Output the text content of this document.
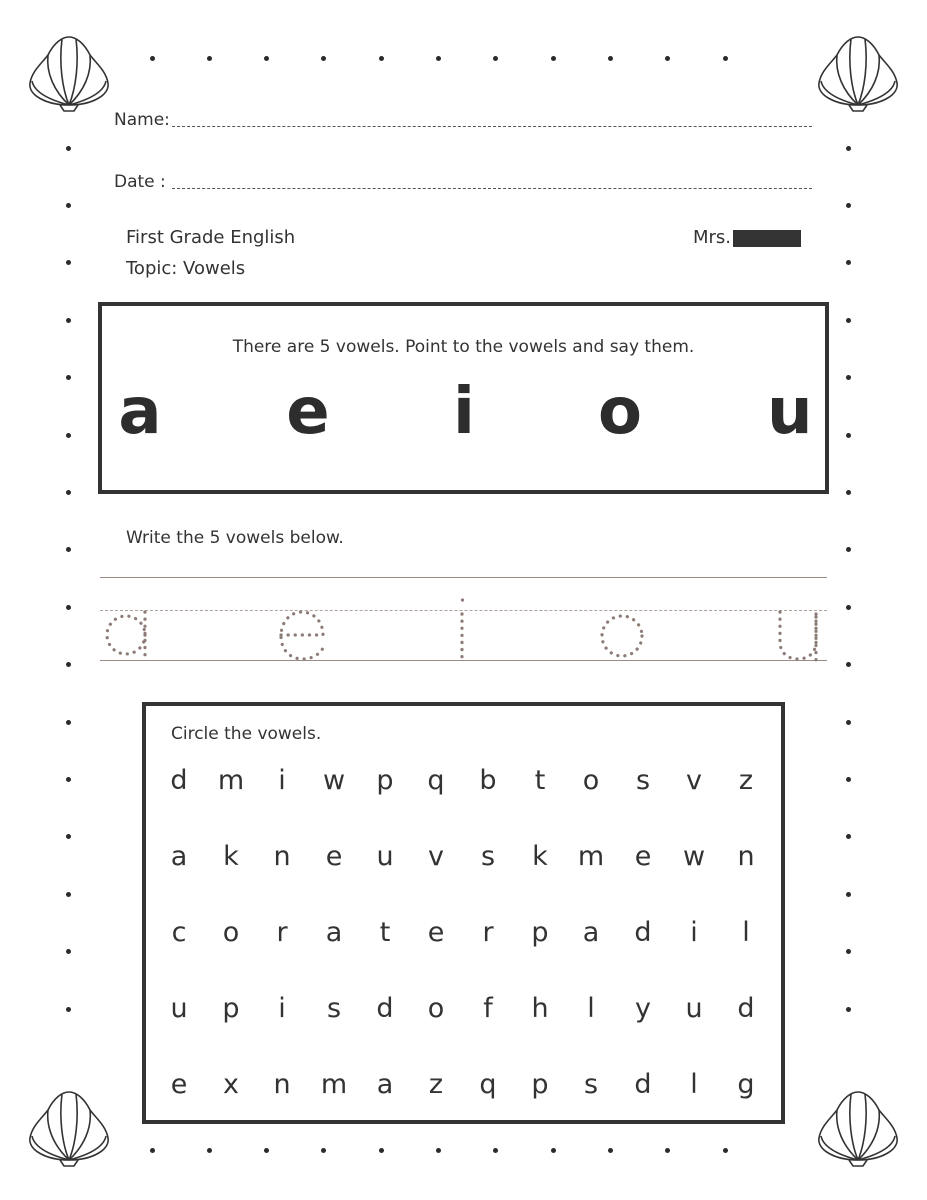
Name:
Date :
First Grade English
Topic: Vowels
Mrs.
There are 5 vowels. Point to the vowels and say them.
a e i o u
Write the 5 vowels below.
Circle the vowels.
d	m	i	w	p	q	b	t	o	s	v	z
a	k	n	e	u	v	s	k	m	e	w	n
c	o	r	a	t	e	r	p	a	d	i	l
u	p	i	s	d	o	f	h	l	y	u	d
e	x	n	m	a	z	q	p	s	d	l	g
